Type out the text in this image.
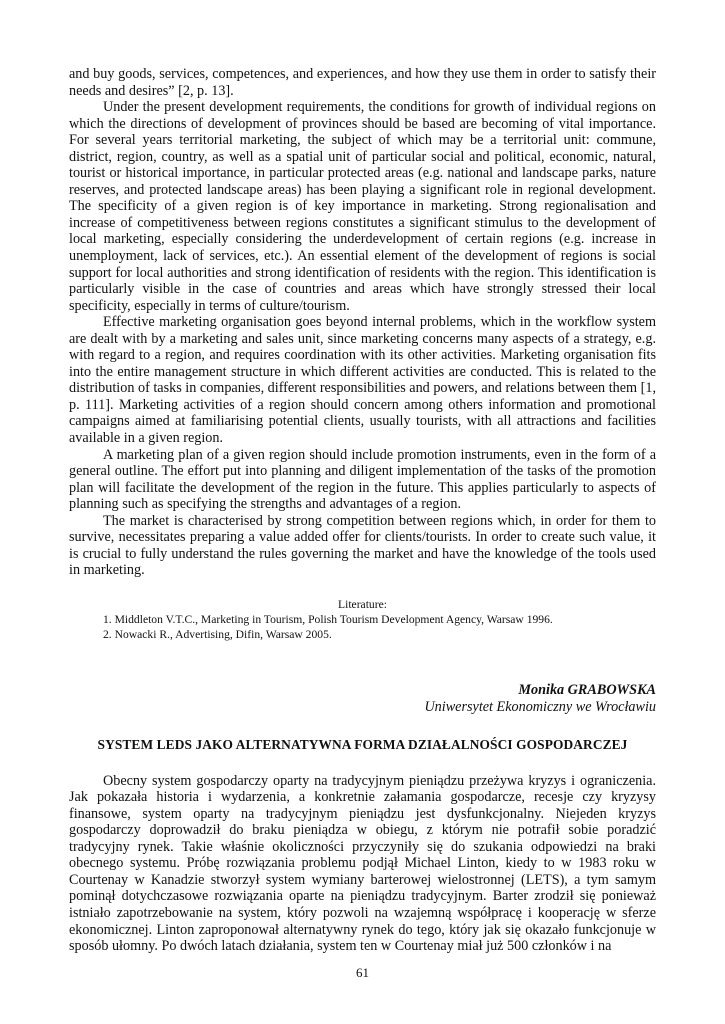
and buy goods, services, competences, and experiences, and how they use them in order to satisfy their needs and desires” [2, p. 13].

Under the present development requirements, the conditions for growth of individual regions on which the directions of development of provinces should be based are becoming of vital importance. For several years territorial marketing, the subject of which may be a territorial unit: commune, district, region, country, as well as a spatial unit of particular social and political, economic, natural, tourist or historical importance, in particular protected areas (e.g. national and landscape parks, nature reserves, and protected landscape areas) has been playing a significant role in regional development. The specificity of a given region is of key importance in marketing. Strong regionalisation and increase of competitiveness between regions constitutes a significant stimulus to the development of local marketing, especially considering the underdevelopment of certain regions (e.g. increase in unemployment, lack of services, etc.). An essential element of the development of regions is social support for local authorities and strong identification of residents with the region. This identification is particularly visible in the case of countries and areas which have strongly stressed their local specificity, especially in terms of culture/tourism.

Effective marketing organisation goes beyond internal problems, which in the workflow system are dealt with by a marketing and sales unit, since marketing concerns many aspects of a strategy, e.g. with regard to a region, and requires coordination with its other activities. Marketing organisation fits into the entire management structure in which different activities are conducted. This is related to the distribution of tasks in companies, different responsibilities and powers, and relations between them [1, p. 111]. Marketing activities of a region should concern among others information and promotional campaigns aimed at familiarising potential clients, usually tourists, with all attractions and facilities available in a given region.

A marketing plan of a given region should include promotion instruments, even in the form of a general outline. The effort put into planning and diligent implementation of the tasks of the promotion plan will facilitate the development of the region in the future. This applies particularly to aspects of planning such as specifying the strengths and advantages of a region.

The market is characterised by strong competition between regions which, in order for them to survive, necessitates preparing a value added offer for clients/tourists. In order to create such value, it is crucial to fully understand the rules governing the market and have the knowledge of the tools used in marketing.

Literature:

1. Middleton V.T.C., Marketing in Tourism, Polish Tourism Development Agency, Warsaw 1996.

2. Nowacki R., Advertising, Difin, Warsaw 2005.

Monika GRABOWSKA

Uniwersytet Ekonomiczny we Wrocławiu

SYSTEM LEDS JAKO ALTERNATYWNA FORMA DZIAŁALNOŚCI GOSPODARCZEJ

Obecny system gospodarczy oparty na tradycyjnym pieniądzu przeżywa kryzys i ograniczenia. Jak pokazała historia i wydarzenia, a konkretnie załamania gospodarcze, recesje czy kryzysy finansowe, system oparty na tradycyjnym pieniądzu jest dysfunkcjonalny. Niejeden kryzys gospodarczy doprowadził do braku pieniądza w obiegu, z którym nie potrafił sobie poradzić tradycyjny rynek. Takie właśnie okoliczności przyczyniły się do szukania odpowiedzi na braki obecnego systemu. Próbę rozwiązania problemu podjął Michael Linton, kiedy to w 1983 roku w Courtenay w Kanadzie stworzył system wymiany barterowej wielostronnej (LETS), a tym samym pominął dotychczasowe rozwiązania oparte na pieniądzu tradycyjnym. Barter zrodził się ponieważ istniało zapotrzebowanie na system, który pozwoli na wzajemną współpracę i kooperację w sferze ekonomicznej. Linton zaproponował alternatywny rynek do tego, który jak się okazało funkcjonuje w sposób ułomny. Po dwóch latach działania, system ten w Courtenay miał już 500 członków i na

61
